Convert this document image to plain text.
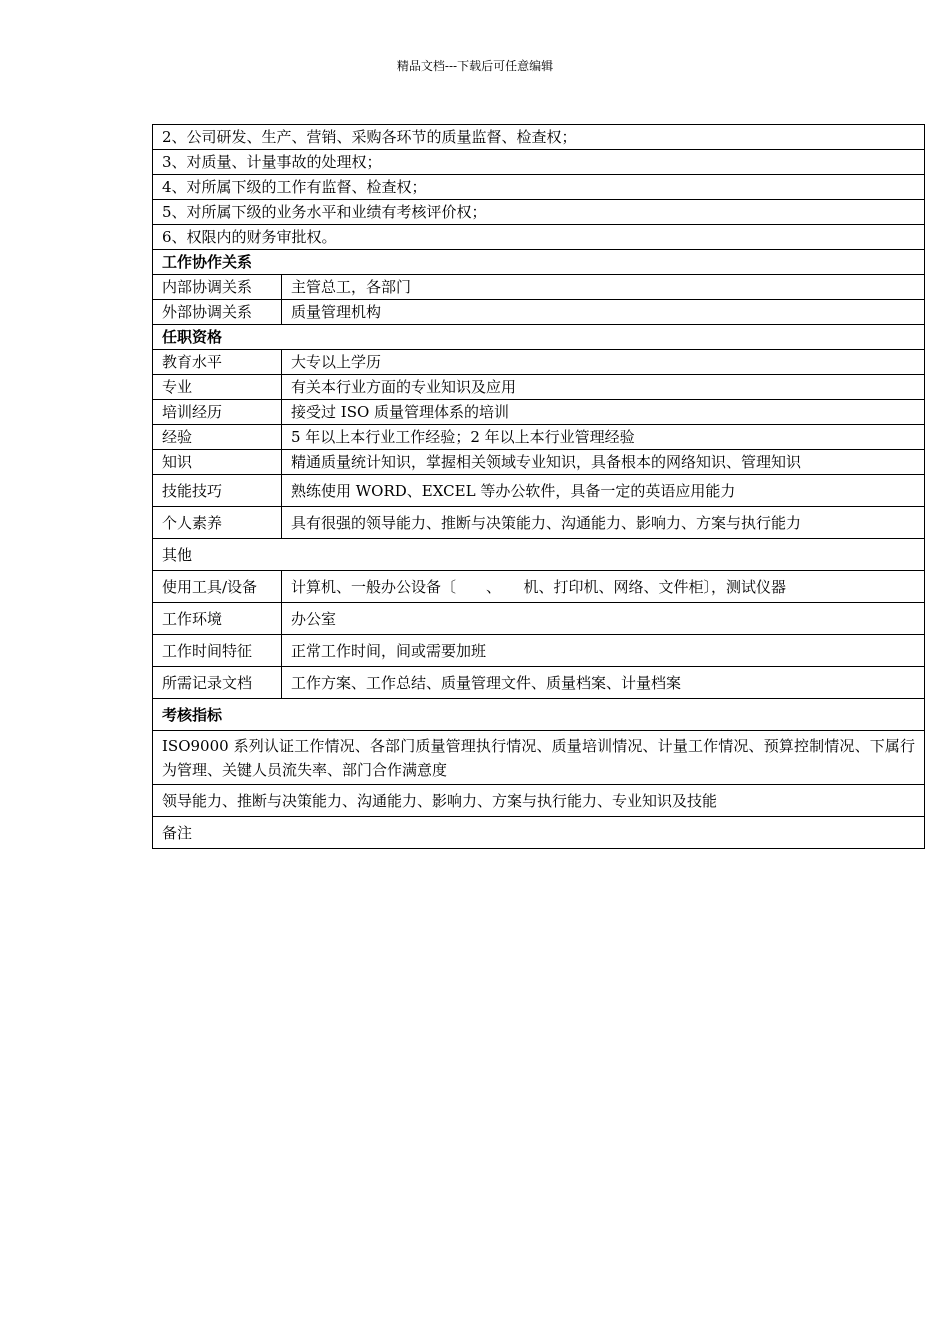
精品文档---下载后可任意编辑
2、公司研发、生产、营销、采购各环节的质量监督、检查权；	
3、对质量、计量事故的处理权；	
4、对所属下级的工作有监督、检查权；	
5、对所属下级的业务水平和业绩有考核评价权；	
6、权限内的财务审批权。	
工作协作关系	
内部协调关系	主管总工，各部门
外部协调关系	质量管理机构
任职资格	
教育水平	大专以上学历
专业	有关本行业方面的专业知识及应用
培训经历	接受过 ISO 质量管理体系的培训
经验	5 年以上本行业工作经验；2 年以上本行业管理经验
知识	精通质量统计知识，掌握相关领域专业知识，具备根本的网络知识、管理知识
技能技巧	熟练使用 WORD、EXCEL 等办公软件，具备一定的英语应用能力
个人素养	具有很强的领导能力、推断与决策能力、沟通能力、影响力、方案与执行能力
其他	
使用工具/设备	计算机、一般办公设备〔　　、　　机、打印机、网络、文件柜〕，测试仪器
工作环境	办公室
工作时间特征	正常工作时间，间或需要加班
所需记录文档	工作方案、工作总结、质量管理文件、质量档案、计量档案
考核指标	
ISO9000 系列认证工作情况、各部门质量管理执行情况、质量培训情况、计量工作情况、预算控制情况、下属行为管理、关键人员流失率、部门合作满意度	
领导能力、推断与决策能力、沟通能力、影响力、方案与执行能力、专业知识及技能	
备注	
